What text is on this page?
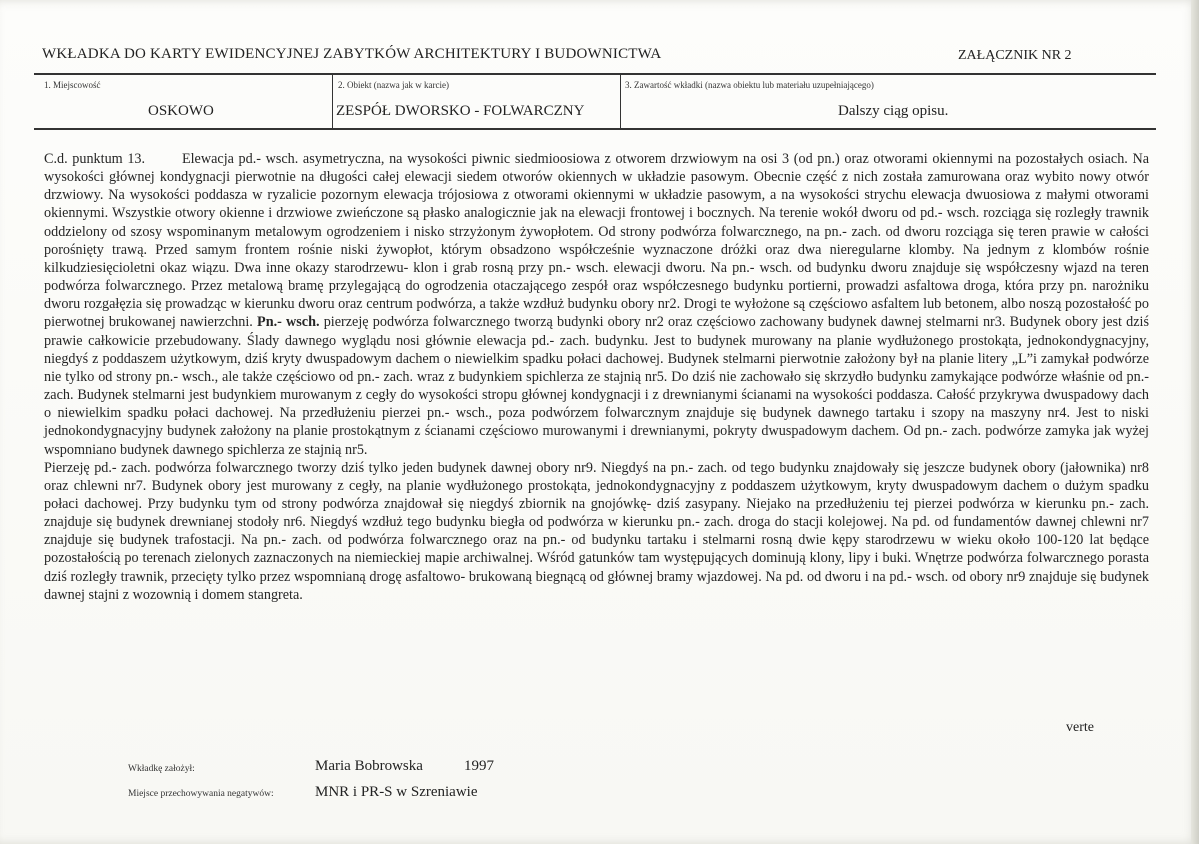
WKŁADKA DO KARTY EWIDENCYJNEJ ZABYTKÓW ARCHITEKTURY I BUDOWNICTWA	ZAŁĄCZNIK NR 2
1. Miejscowość
OSKOWO
2. Obiekt (nazwa jak w karcie)
ZESPÓŁ DWORSKO - FOLWARCZNY
3. Zawartość wkładki (nazwa obiektu lub materiału uzupełniającego)
Dalszy ciąg opisu.

C.d. punktum 13.	Elewacja pd.- wsch. asymetryczna, na wysokości piwnic siedmioosiowa z otworem drzwiowym na osi 3 (od pn.) oraz otworami okiennymi na pozostałych osiach. Na wysokości głównej kondygnacji pierwotnie na długości całej elewacji siedem otworów okiennych w układzie pasowym. Obecnie część z nich została zamurowana oraz wybito nowy otwór drzwiowy. Na wysokości poddasza w ryzalicie pozornym elewacja trójosiowa z otworami okiennymi w układzie pasowym, a na wysokości strychu elewacja dwuosiowa z małymi otworami okiennymi. Wszystkie otwory okienne i drzwiowe zwieńczone są płasko analogicznie jak na elewacji frontowej i bocznych. Na terenie wokół dworu od pd.- wsch. rozciąga się rozległy trawnik oddzielony od szosy wspominanym metalowym ogrodzeniem i nisko strzyżonym żywopłotem. Od strony podwórza folwarcznego, na pn.- zach. od dworu rozciąga się teren prawie w całości porośnięty trawą. Przed samym frontem rośnie niski żywopłot, którym obsadzono współcześnie wyznaczone dróżki oraz dwa nieregularne klomby. Na jednym z klombów rośnie kilkudziesięcioletni okaz wiązu. Dwa inne okazy starodrzewu- klon i grab rosną przy pn.- wsch. elewacji dworu. Na pn.- wsch. od budynku dworu znajduje się współczesny wjazd na teren podwórza folwarcznego. Przez metalową bramę przylegającą do ogrodzenia otaczającego zespół oraz współczesnego budynku portierni, prowadzi asfaltowa droga, która przy pn. narożniku dworu rozgałęzia się prowadząc w kierunku dworu oraz centrum podwórza, a także wzdłuż budynku obory nr2. Drogi te wyłożone są częściowo asfaltem lub betonem, albo noszą pozostałość po pierwotnej brukowanej nawierzchni. Pn.- wsch. pierzeję podwórza folwarcznego tworzą budynki obory nr2 oraz częściowo zachowany budynek dawnej stelmarni nr3. Budynek obory jest dziś prawie całkowicie przebudowany. Ślady dawnego wyglądu nosi głównie elewacja pd.- zach. budynku. Jest to budynek murowany na planie wydłużonego prostokąta, jednokondygnacyjny, niegdyś z poddaszem użytkowym, dziś kryty dwuspadowym dachem o niewielkim spadku połaci dachowej. Budynek stelmarni pierwotnie założony był na planie litery „L”i zamykał podwórze nie tylko od strony pn.- wsch., ale także częściowo od pn.- zach. wraz z budynkiem spichlerza ze stajnią nr5. Do dziś nie zachowało się skrzydło budynku zamykające podwórze właśnie od pn.- zach. Budynek stelmarni jest budynkiem murowanym z cegły do wysokości stropu głównej kondygnacji i z drewnianymi ścianami na wysokości poddasza. Całość przykrywa dwuspadowy dach o niewielkim spadku połaci dachowej. Na przedłużeniu pierzei pn.- wsch., poza podwórzem folwarcznym znajduje się budynek dawnego tartaku i szopy na maszyny nr4. Jest to niski jednokondygnacyjny budynek założony na planie prostokątnym z ścianami częściowo murowanymi i drewnianymi, pokryty dwuspadowym dachem. Od pn.- zach. podwórze zamyka jak wyżej wspomniano budynek dawnego spichlerza ze stajnią nr5.

Pierzeję pd.- zach. podwórza folwarcznego tworzy dziś tylko jeden budynek dawnej obory nr9. Niegdyś na pn.- zach. od tego budynku znajdowały się jeszcze budynek obory (jałownika) nr8 oraz chlewni nr7. Budynek obory jest murowany z cegły, na planie wydłużonego prostokąta, jednokondygnacyjny z poddaszem użytkowym, kryty dwuspadowym dachem o dużym spadku połaci dachowej. Przy budynku tym od strony podwórza znajdował się niegdyś zbiornik na gnojówkę- dziś zasypany. Niejako na przedłużeniu tej pierzei podwórza w kierunku pn.- zach. znajduje się budynek drewnianej stodoły nr6. Niegdyś wzdłuż tego budynku biegła od podwórza w kierunku pn.- zach. droga do stacji kolejowej. Na pd. od fundamentów dawnej chlewni nr7 znajduje się budynek trafostacji. Na pn.- zach. od podwórza folwarcznego oraz na pn.- od budynku tartaku i stelmarni rosną dwie kępy starodrzewu w wieku około 100-120 lat będące pozostałością po terenach zielonych zaznaczonych na niemieckiej mapie archiwalnej. Wśród gatunków tam występujących dominują klony, lipy i buki. Wnętrze podwórza folwarcznego porasta dziś rozległy trawnik, przecięty tylko przez wspomnianą drogę asfaltowo- brukowaną biegnącą od głównej bramy wjazdowej. Na pd. od dworu i na pd.- wsch. od obory nr9 znajduje się budynek dawnej stajni z wozownią i domem stangreta.

verte
Wkładkę założył:	Maria Bobrowska	1997
Miejsce przechowywania negatywów:	MNR i PR-S w Szreniawie
